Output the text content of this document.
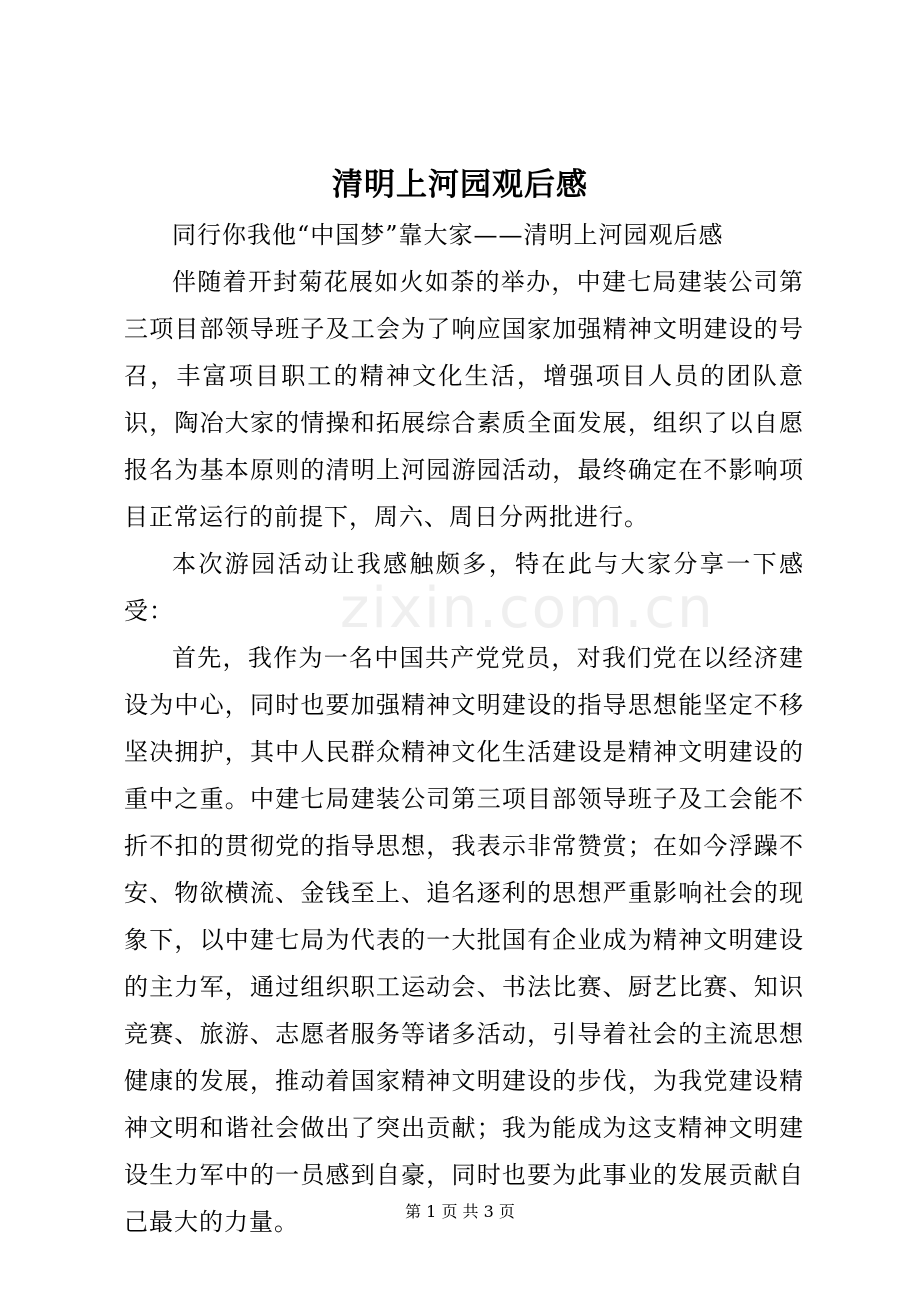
清明上河园观后感

同行你我他“中国梦”靠大家——清明上河园观后感

伴随着开封菊花展如火如荼的举办，中建七局建装公司第三项目部领导班子及工会为了响应国家加强精神文明建设的号召，丰富项目职工的精神文化生活，增强项目人员的团队意识，陶冶大家的情操和拓展综合素质全面发展，组织了以自愿报名为基本原则的清明上河园游园活动，最终确定在不影响项目正常运行的前提下，周六、周日分两批进行。

本次游园活动让我感触颇多，特在此与大家分享一下感受：

首先，我作为一名中国共产党党员，对我们党在以经济建设为中心，同时也要加强精神文明建设的指导思想能坚定不移坚决拥护，其中人民群众精神文化生活建设是精神文明建设的重中之重。中建七局建装公司第三项目部领导班子及工会能不折不扣的贯彻党的指导思想，我表示非常赞赏；在如今浮躁不安、物欲横流、金钱至上、追名逐利的思想严重影响社会的现象下，以中建七局为代表的一大批国有企业成为精神文明建设的主力军，通过组织职工运动会、书法比赛、厨艺比赛、知识竞赛、旅游、志愿者服务等诸多活动，引导着社会的主流思想健康的发展，推动着国家精神文明建设的步伐，为我党建设精神文明和谐社会做出了突出贡献；我为能成为这支精神文明建设生力军中的一员感到自豪，同时也要为此事业的发展贡献自己最大的力量。

zixin.com.cn
第 1 页 共 3 页
